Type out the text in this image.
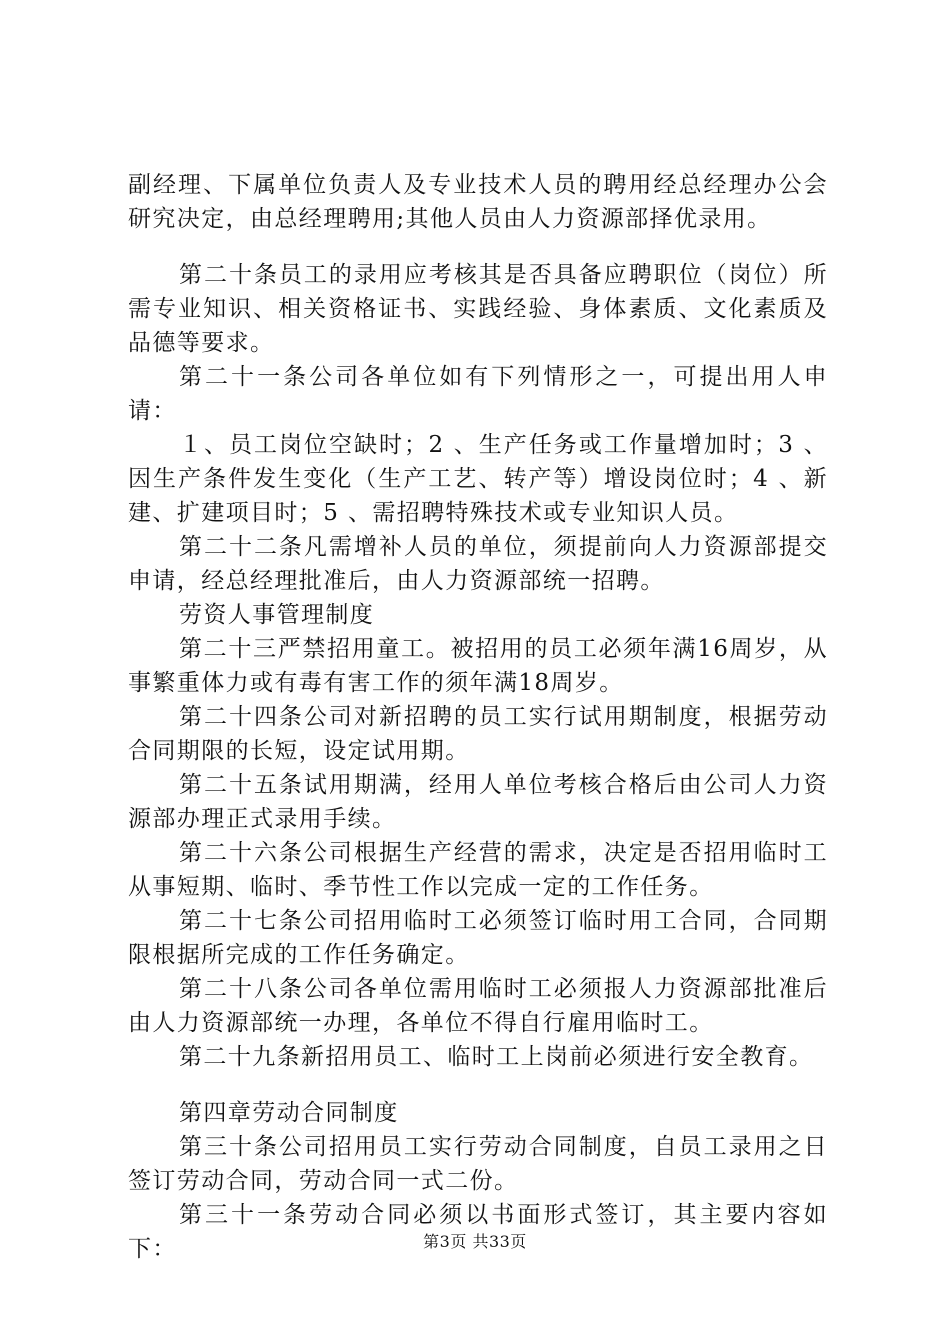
副经理、下属单位负责人及专业技术人员的聘用经总经理办公会研究决定，由总经理聘用;其他人员由人力资源部择优录用。

第二十条员工的录用应考核其是否具备应聘职位（岗位）所需专业知识、相关资格证书、实践经验、身体素质、文化素质及品德等要求。

第二十一条公司各单位如有下列情形之一，可提出用人申请：

１、员工岗位空缺时；2 、生产任务或工作量增加时；3 、因生产条件发生变化（生产工艺、转产等）增设岗位时；4 、新建、扩建项目时；5 、需招聘特殊技术或专业知识人员。

第二十二条凡需增补人员的单位，须提前向人力资源部提交申请，经总经理批准后，由人力资源部统一招聘。

劳资人事管理制度

第二十三严禁招用童工。被招用的员工必须年满16周岁，从事繁重体力或有毒有害工作的须年满18周岁。

第二十四条公司对新招聘的员工实行试用期制度，根据劳动合同期限的长短，设定试用期。

第二十五条试用期满，经用人单位考核合格后由公司人力资源部办理正式录用手续。

第二十六条公司根据生产经营的需求，决定是否招用临时工从事短期、临时、季节性工作以完成一定的工作任务。

第二十七条公司招用临时工必须签订临时用工合同，合同期限根据所完成的工作任务确定。

第二十八条公司各单位需用临时工必须报人力资源部批准后由人力资源部统一办理，各单位不得自行雇用临时工。

第二十九条新招用员工、临时工上岗前必须进行安全教育。

第四章劳动合同制度

第三十条公司招用员工实行劳动合同制度，自员工录用之日签订劳动合同，劳动合同一式二份。

第三十一条劳动合同必须以书面形式签订，其主要内容如下：	第3页 共33页
